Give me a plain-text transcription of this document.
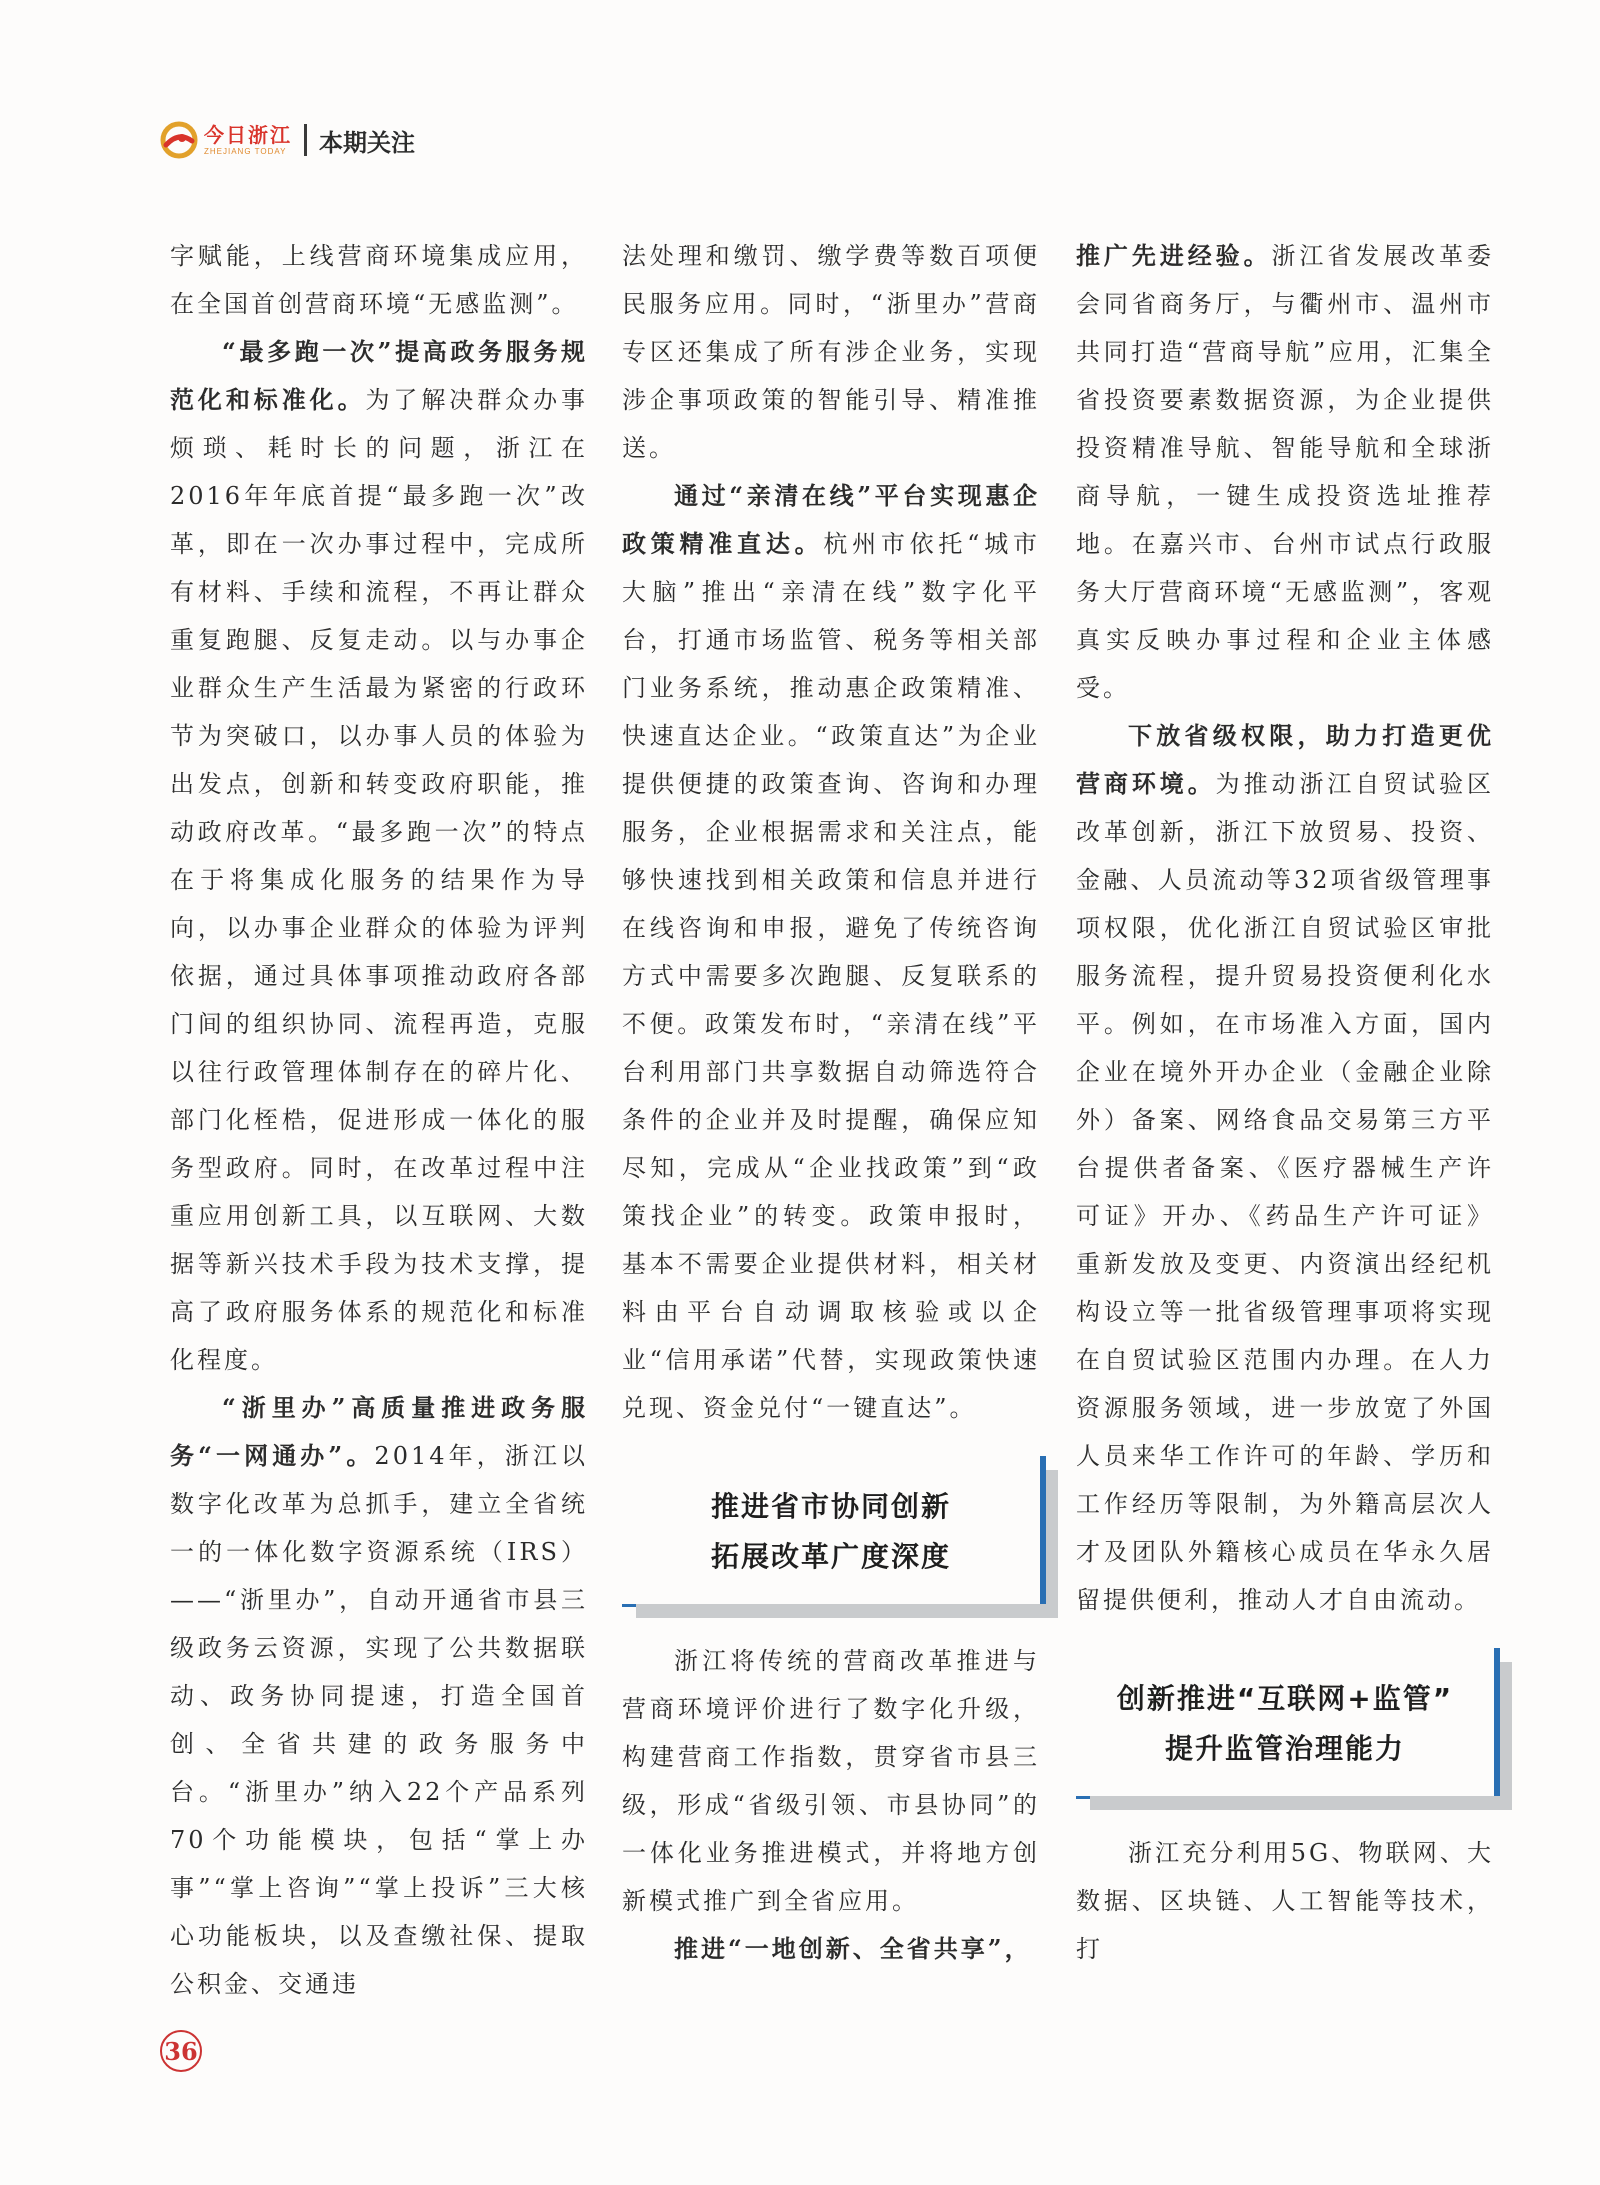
今日浙江
ZHEJIANG TODAY 本期关注

字赋能，上线营商环境集成应用，在全国首创营商环境“无感监测”。

“最多跑一次”提高政务服务规范化和标准化。为了解决群众办事烦琐、耗时长的问题，浙江在2016年年底首提“最多跑一次”改革，即在一次办事过程中，完成所有材料、手续和流程，不再让群众重复跑腿、反复走动。以与办事企业群众生产生活最为紧密的行政环节为突破口，以办事人员的体验为出发点，创新和转变政府职能，推动政府改革。“最多跑一次”的特点在于将集成化服务的结果作为导向，以办事企业群众的体验为评判依据，通过具体事项推动政府各部门间的组织协同、流程再造，克服以往行政管理体制存在的碎片化、部门化桎梏，促进形成一体化的服务型政府。同时，在改革过程中注重应用创新工具，以互联网、大数据等新兴技术手段为技术支撑，提高了政府服务体系的规范化和标准化程度。

“浙里办”高质量推进政务服务“一网通办”。2014年，浙江以数字化改革为总抓手，建立全省统一的一体化数字资源系统（IRS）——“浙里办”，自动开通省市县三级政务云资源，实现了公共数据联动、政务协同提速，打造全国首创、全省共建的政务服务中台。“浙里办”纳入22个产品系列70个功能模块，包括“掌上办事”“掌上咨询”“掌上投诉”三大核心功能板块，以及查缴社保、提取公积金、交通违

法处理和缴罚、缴学费等数百项便民服务应用。同时，“浙里办”营商专区还集成了所有涉企业务，实现涉企事项政策的智能引导、精准推送。

通过“亲清在线”平台实现惠企政策精准直达。杭州市依托“城市大脑”推出“亲清在线”数字化平台，打通市场监管、税务等相关部门业务系统，推动惠企政策精准、快速直达企业。“政策直达”为企业提供便捷的政策查询、咨询和办理服务，企业根据需求和关注点，能够快速找到相关政策和信息并进行在线咨询和申报，避免了传统咨询方式中需要多次跑腿、反复联系的不便。政策发布时，“亲清在线”平台利用部门共享数据自动筛选符合条件的企业并及时提醒，确保应知尽知，完成从“企业找政策”到“政策找企业”的转变。政策申报时，基本不需要企业提供材料，相关材料由平台自动调取核验或以企业“信用承诺”代替，实现政策快速兑现、资金兑付“一键直达”。

推进省市协同创新
拓展改革广度深度

浙江将传统的营商改革推进与营商环境评价进行了数字化升级，构建营商工作指数，贯穿省市县三级，形成“省级引领、市县协同”的一体化业务推进模式，并将地方创新模式推广到全省应用。

推进“一地创新、全省共享”，

推广先进经验。浙江省发展改革委会同省商务厅，与衢州市、温州市共同打造“营商导航”应用，汇集全省投资要素数据资源，为企业提供投资精准导航、智能导航和全球浙商导航，一键生成投资选址推荐地。在嘉兴市、台州市试点行政服务大厅营商环境“无感监测”，客观真实反映办事过程和企业主体感受。

下放省级权限，助力打造更优营商环境。为推动浙江自贸试验区改革创新，浙江下放贸易、投资、金融、人员流动等32项省级管理事项权限，优化浙江自贸试验区审批服务流程，提升贸易投资便利化水平。例如，在市场准入方面，国内企业在境外开办企业（金融企业除外）备案、网络食品交易第三方平台提供者备案、《医疗器械生产许可证》开办、《药品生产许可证》重新发放及变更、内资演出经纪机构设立等一批省级管理事项将实现在自贸试验区范围内办理。在人力资源服务领域，进一步放宽了外国人员来华工作许可的年龄、学历和工作经历等限制，为外籍高层次人才及团队外籍核心成员在华永久居留提供便利，推动人才自由流动。

创新推进“互联网+监管”
提升监管治理能力

浙江充分利用5G、物联网、大数据、区块链、人工智能等技术，打

36
